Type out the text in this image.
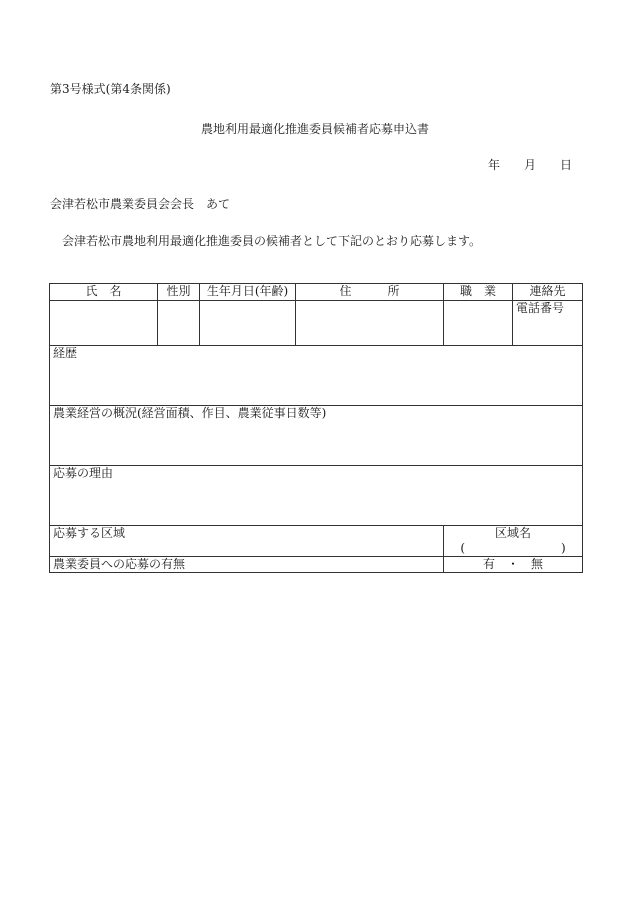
第3号様式(第4条関係)
農地利用最適化推進委員候補者応募申込書
年 月 日
会津若松市農業委員会会長　あて
会津若松市農地利用最適化推進委員の候補者として下記のとおり応募します。
氏　名	性別	生年月日(年齢)	住　　　所	職　業	連絡先
					電話番号
経歴					
農業経営の概況(経営面積、作目、農業従事日数等)					
応募の理由					
応募する区域				区域名(　　　　　　　　)	
農業委員への応募の有無				有　・　無	
